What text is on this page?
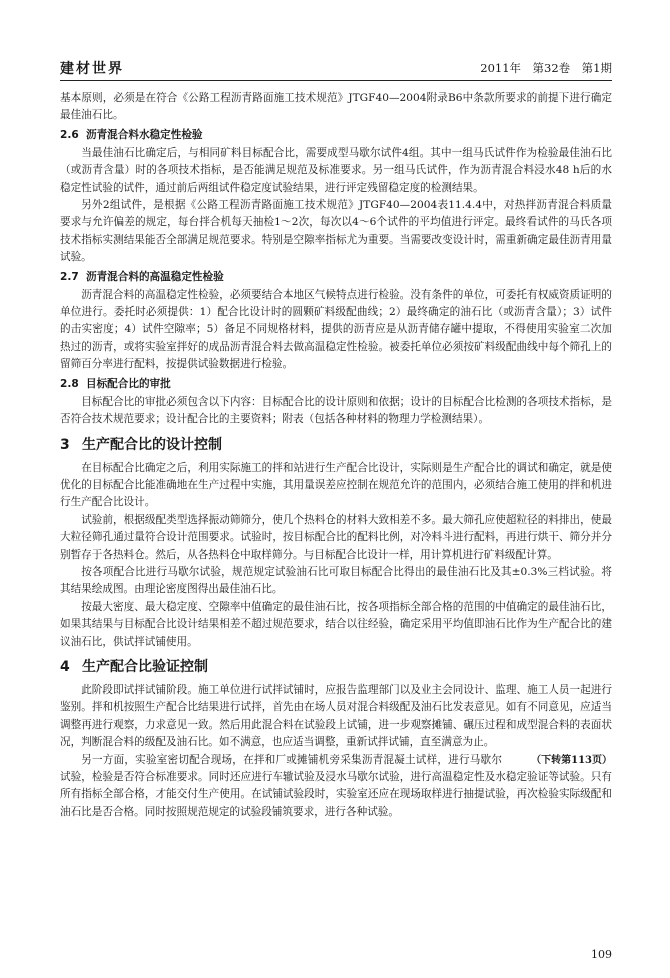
建材世界	2011年　第32卷　第1期

基本原则，必须是在符合《公路工程沥青路面施工技术规范》JTGF40—2004附录B6中条款所要求的前提下进行确定最佳油石比。

2.6 沥青混合料水稳定性检验

当最佳油石比确定后，与相同矿料目标配合比，需要成型马歇尔试件4组。其中一组马氏试件作为检验最佳油石比（或沥青含量）时的各项技术指标，是否能满足规范及标准要求。另一组马氏试件，作为沥青混合料浸水48 h后的水稳定性试验的试件，通过前后两组试件稳定度试验结果，进行评定残留稳定度的检测结果。

另外2组试件，是根据《公路工程沥青路面施工技术规范》JTGF40—2004表11.4.4中，对热拌沥青混合料质量要求与允许偏差的规定，每台拌合机每天抽检1～2次，每次以4～6个试件的平均值进行评定。最终看试件的马氏各项技术指标实测结果能否全部满足规范要求。特别是空隙率指标尤为重要。当需要改变设计时，需重新确定最佳沥青用量试验。

2.7 沥青混合料的高温稳定性检验

沥青混合料的高温稳定性检验，必须要结合本地区气候特点进行检验。没有条件的单位，可委托有权威资质证明的单位进行。委托时必须提供：1）配合比设计时的圆颗矿料级配曲线；2）最终确定的油石比（或沥青含量）；3）试件的击实密度；4）试件空隙率；5）备足不同规格材料，提供的沥青应是从沥青储存罐中提取，不得使用实验室二次加热过的沥青，或将实验室拌好的成品沥青混合料去做高温稳定性检验。被委托单位必须按矿料级配曲线中每个筛孔上的留筛百分率进行配料，按提供试验数据进行检验。

2.8 目标配合比的审批

目标配合比的审批必须包含以下内容：目标配合比的设计原则和依据；设计的目标配合比检测的各项技术指标，是否符合技术规范要求；设计配合比的主要资料；附表（包括各种材料的物理力学检测结果）。

3 生产配合比的设计控制

在目标配合比确定之后，利用实际施工的拌和站进行生产配合比设计，实际则是生产配合比的调试和确定，就是使优化的目标配合比能准确地在生产过程中实施，其用量误差应控制在规范允许的范围内，必须结合施工使用的拌和机进行生产配合比设计。

试验前，根据级配类型选择振动筛筛分，使几个热料仓的材料大致相差不多。最大筛孔应使超粒径的料排出，使最大粒径筛孔通过量符合设计范围要求。试验时，按目标配合比的配料比例，对冷料斗进行配料，再进行烘干、筛分并分别暂存于各热料仓。然后，从各热料仓中取样筛分。与目标配合比设计一样，用计算机进行矿料级配计算。

按各项配合比进行马歇尔试验，规范规定试验油石比可取目标配合比得出的最佳油石比及其±0.3%三档试验。将其结果绘成图。由理论密度图得出最佳油石比。

按最大密度、最大稳定度、空隙率中值确定的最佳油石比，按各项指标全部合格的范围的中值确定的最佳油石比，如果其结果与目标配合比设计结果相差不超过规范要求，结合以往经验，确定采用平均值即油石比作为生产配合比的建议油石比，供试拌试铺使用。

4 生产配合比验证控制

此阶段即试拌试铺阶段。施工单位进行试拌试铺时，应报告监理部门以及业主会同设计、监理、施工人员一起进行鉴别。拌和机按照生产配合比结果进行试拌，首先由在场人员对混合料级配及油石比发表意见。如有不同意见，应适当调整再进行观察，力求意见一致。然后用此混合料在试验段上试铺，进一步观察摊铺、碾压过程和成型混合料的表面状况，判断混合料的级配及油石比。如不满意，也应适当调整，重新试拌试铺，直至满意为止。

（下转第113页）
另一方面，实验室密切配合现场，在拌和厂或摊铺机旁采集沥青混凝土试样，进行马歇尔试验，检验是否符合标准要求。同时还应进行车辙试验及浸水马歇尔试验，进行高温稳定性及水稳定验证等试验。只有所有指标全部合格，才能交付生产使用。在试铺试验段时，实验室还应在现场取样进行抽提试验，再次检验实际级配和油石比是否合格。同时按照规范规定的试验段铺筑要求，进行各种试验。

109
